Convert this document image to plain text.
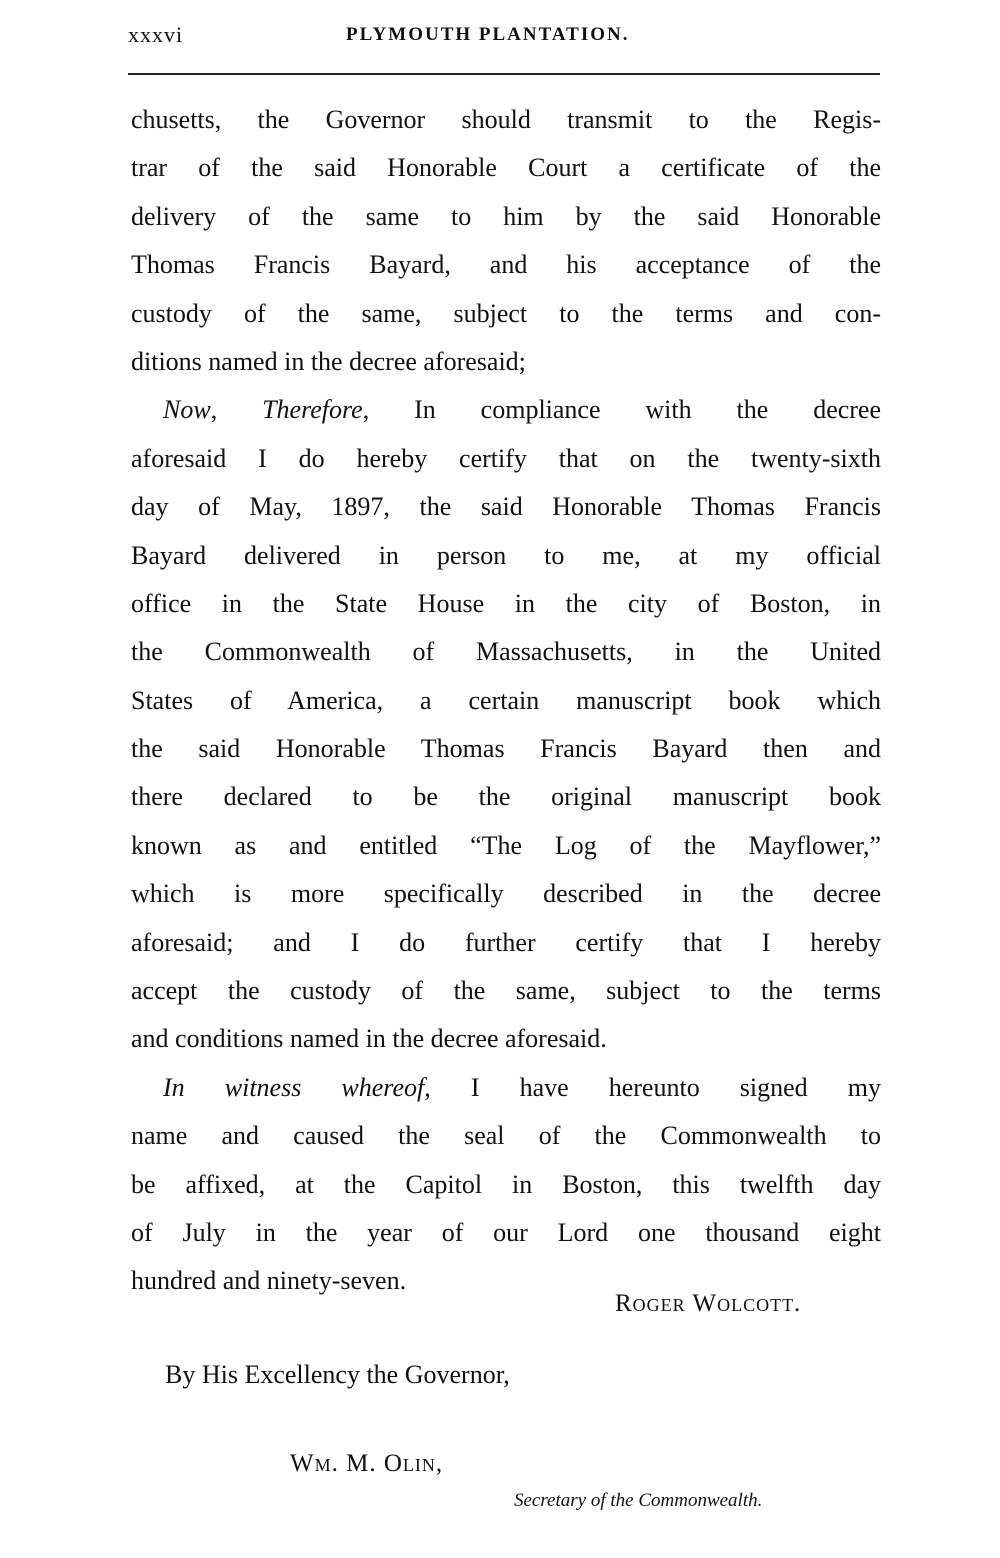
xxxvi	PLYMOUTH PLANTATION.
chusetts, the Governor should transmit to the Regis-
trar of the said Honorable Court a certificate of the
delivery of the same to him by the said Honorable
Thomas Francis Bayard, and his acceptance of the
custody of the same, subject to the terms and con-
ditions named in the decree aforesaid;
Now, Therefore, In compliance with the decree
aforesaid I do hereby certify that on the twenty-sixth
day of May, 1897, the said Honorable Thomas Francis
Bayard delivered in person to me, at my official
office in the State House in the city of Boston, in
the Commonwealth of Massachusetts, in the United
States of America, a certain manuscript book which
the said Honorable Thomas Francis Bayard then and
there declared to be the original manuscript book
known as and entitled “The Log of the Mayflower,”
which is more specifically described in the decree
aforesaid; and I do further certify that I hereby
accept the custody of the same, subject to the terms
and conditions named in the decree aforesaid.
In witness whereof, I have hereunto signed my
name and caused the seal of the Commonwealth to
be affixed, at the Capitol in Boston, this twelfth day
of July in the year of our Lord one thousand eight
hundred and ninety-seven.
Roger Wolcott.
By His Excellency the Governor,
Wm. M. Olin,
Secretary of the Commonwealth.
